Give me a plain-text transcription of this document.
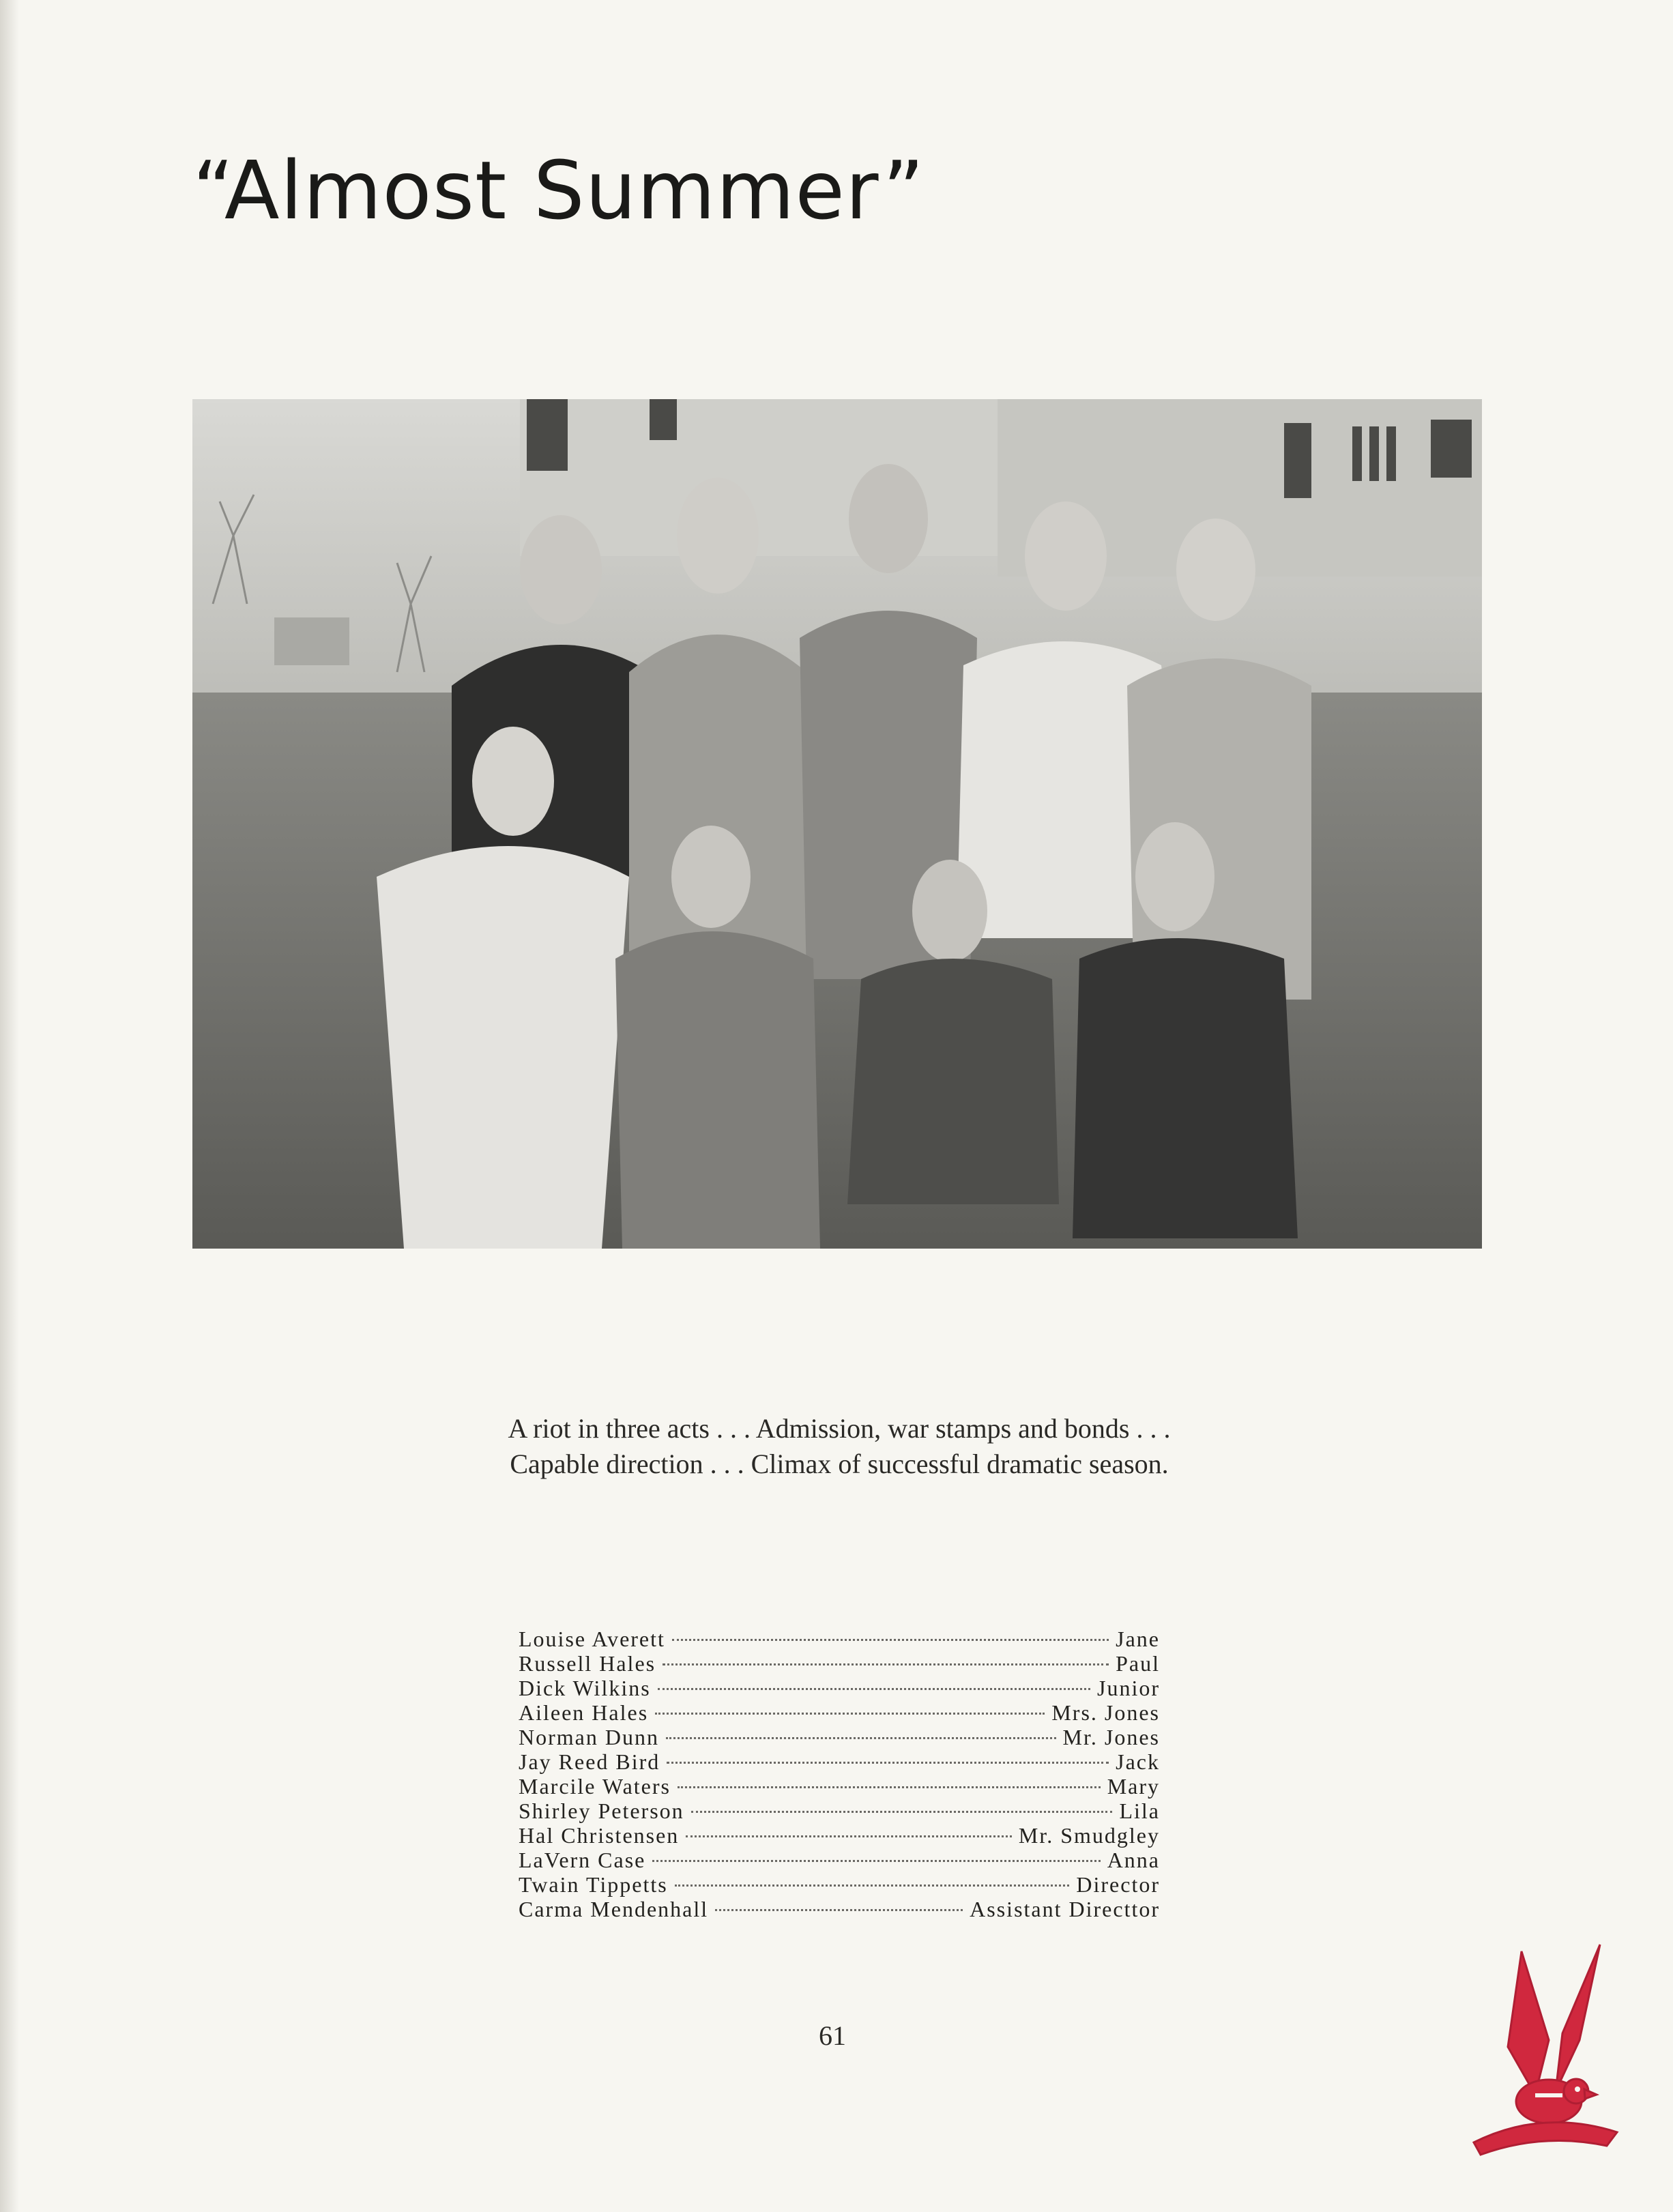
“Almost Summer”
A riot in three acts . . . Admission, war stamps and bonds . . .
Capable direction . . . Climax of successful dramatic season.
Louise Averett	Jane
Russell Hales	Paul
Dick Wilkins	Junior
Aileen Hales	Mrs. Jones
Norman Dunn	Mr. Jones
Jay Reed Bird	Jack
Marcile Waters	Mary
Shirley Peterson	Lila
Hal Christensen	Mr. Smudgley
LaVern Case	Anna
Twain Tippetts	Director
Carma Mendenhall	Assistant Directtor
61
